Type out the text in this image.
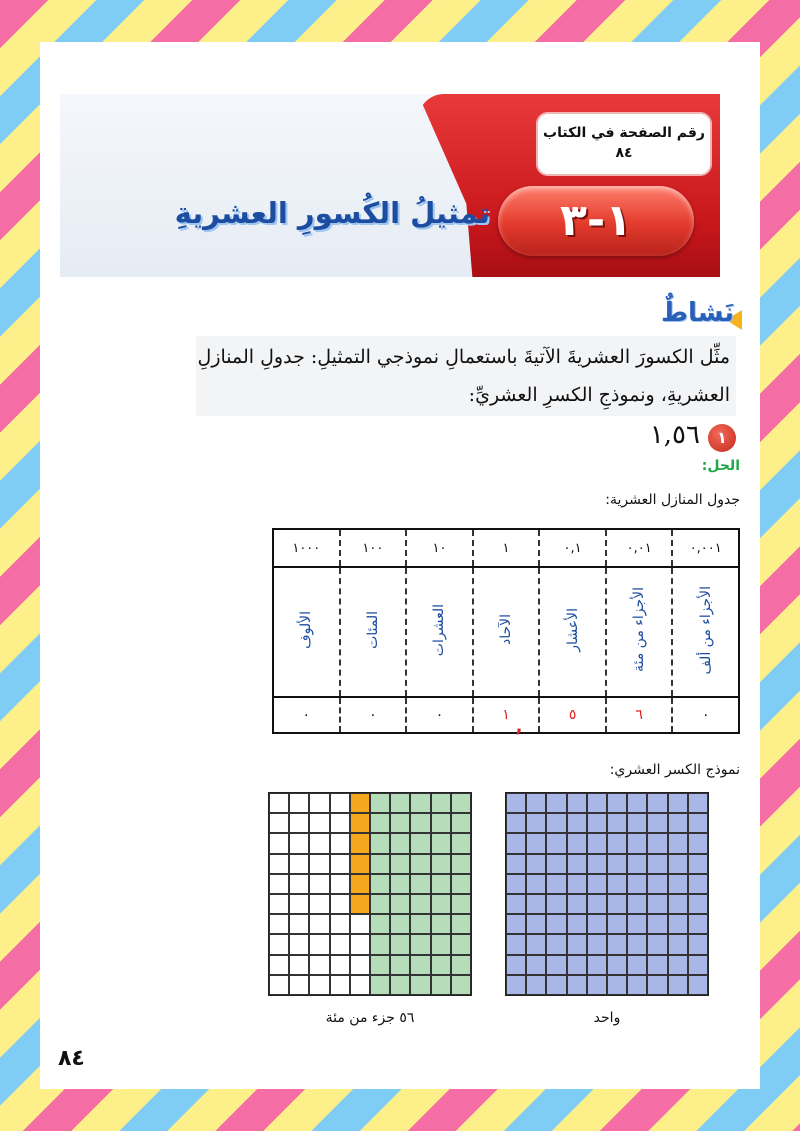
رقم الصفحة في الكتاب
٨٤
١-٣
تمثيلُ الكُسورِ العشريةِ
نَشاطٌ
مثِّل الكسورَ العشريةَ الآتيةَ باستعمالِ نموذجي التمثيلِ: جدولِ المنازلِ العشريةِ، ونموذجِ الكسرِ العشريِّ:
١
١,٥٦
الحل:
جدول المنازل العشرية:
٠,٠٠١	٠,٠١	٠,١	١	١٠	١٠٠	١٠٠٠
الأجزاء من ألف	الأجزاء من مئة	الأعشار	الآحاد	العشرات	المئات	الألوف
٠	٦	٥	١	٠	٠	٠
,
نموذج الكسر العشري:
٥٦ جزء من مئة	واحد
٨٤
